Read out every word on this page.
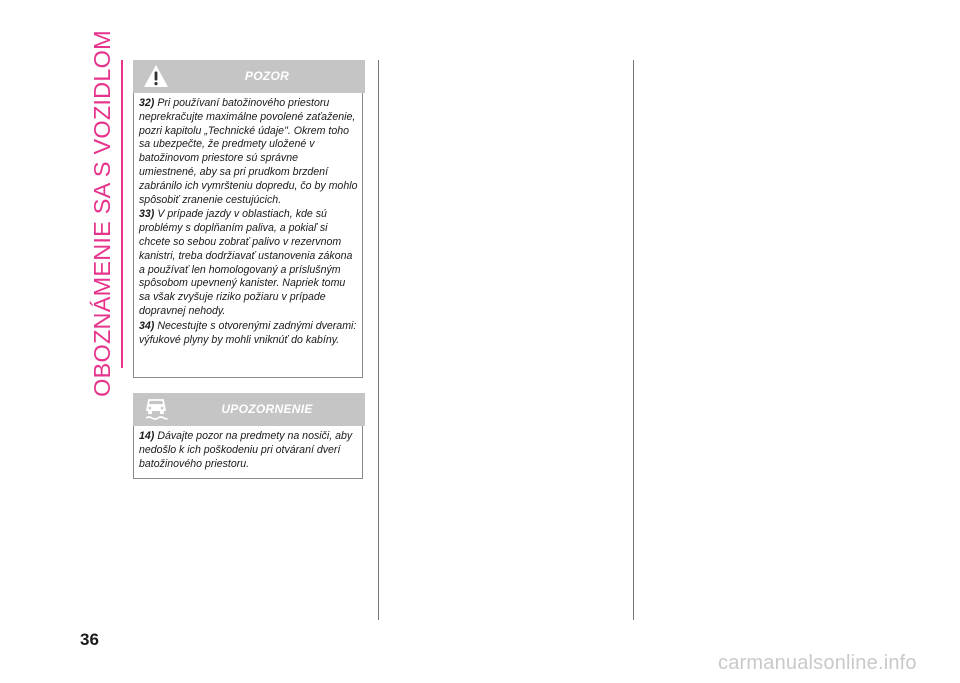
OBOZNÁMENIE SA S VOZIDLOM	POZOR

32) Pri používaní batožinového priestoru neprekračujte maximálne povolené zaťaženie, pozri kapitolu „Technické údaje". Okrem toho sa ubezpečte, že predmety uložené v batožinovom priestore sú správne umiestnené, aby sa pri prudkom brzdení zabránilo ich vymršteniu dopredu, čo by mohlo spôsobiť zranenie cestujúcich.

33) V prípade jazdy v oblastiach, kde sú problémy s doplňaním paliva, a pokiaľ si chcete so sebou zobrať palivo v rezervnom kanistri, treba dodržiavať ustanovenia zákona a používať len homologovaný a príslušným spôsobom upevnený kanister. Napriek tomu sa však zvyšuje riziko požiaru v prípade dopravnej nehody.

34) Necestujte s otvorenými zadnými dverami: výfukové plyny by mohli vniknúť do kabíny.

UPOZORNENIE

14) Dávajte pozor na predmety na nosiči, aby nedošlo k ich poškodeniu pri otváraní dverí batožinového priestoru.

36
carmanualsonline.info
